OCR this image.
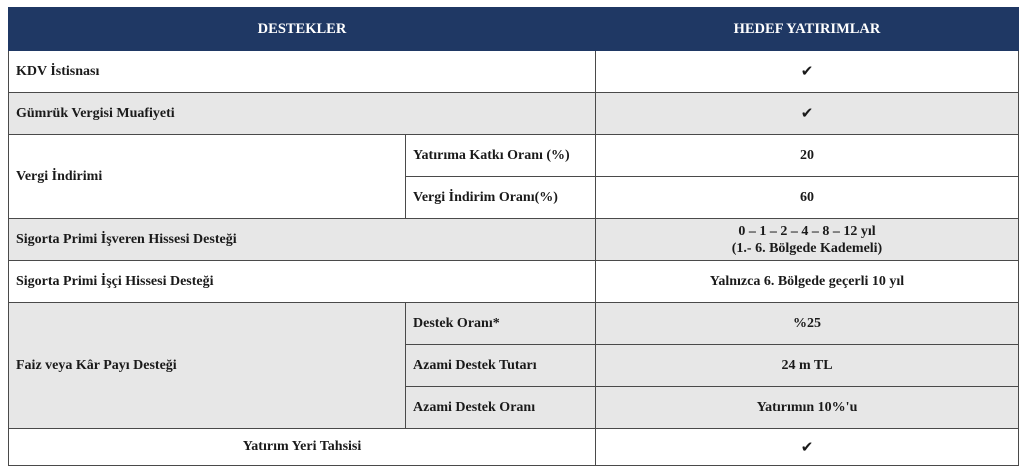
DESTEKLER		HEDEF YATIRIMLAR
KDV İstisnası		✔
Gümrük Vergisi Muafiyeti		✔
Vergi İndirimi	Yatırıma Katkı Oranı (%)	20
	Vergi İndirim Oranı(%)	60
Sigorta Primi İşveren Hissesi Desteği		0 – 1 – 2 – 4 – 8 – 12 yıl
(1.- 6. Bölgede Kademeli)

Sigorta Primi İşçi Hissesi Desteği		Yalnızca 6. Bölgede geçerli 10 yıl
Faiz veya Kâr Payı Desteği	Destek Oranı*	%25
	Azami Destek Tutarı	24 m TL
	Azami Destek Oranı	Yatırımın 10%'u
Yatırım Yeri Tahsisi		✔
